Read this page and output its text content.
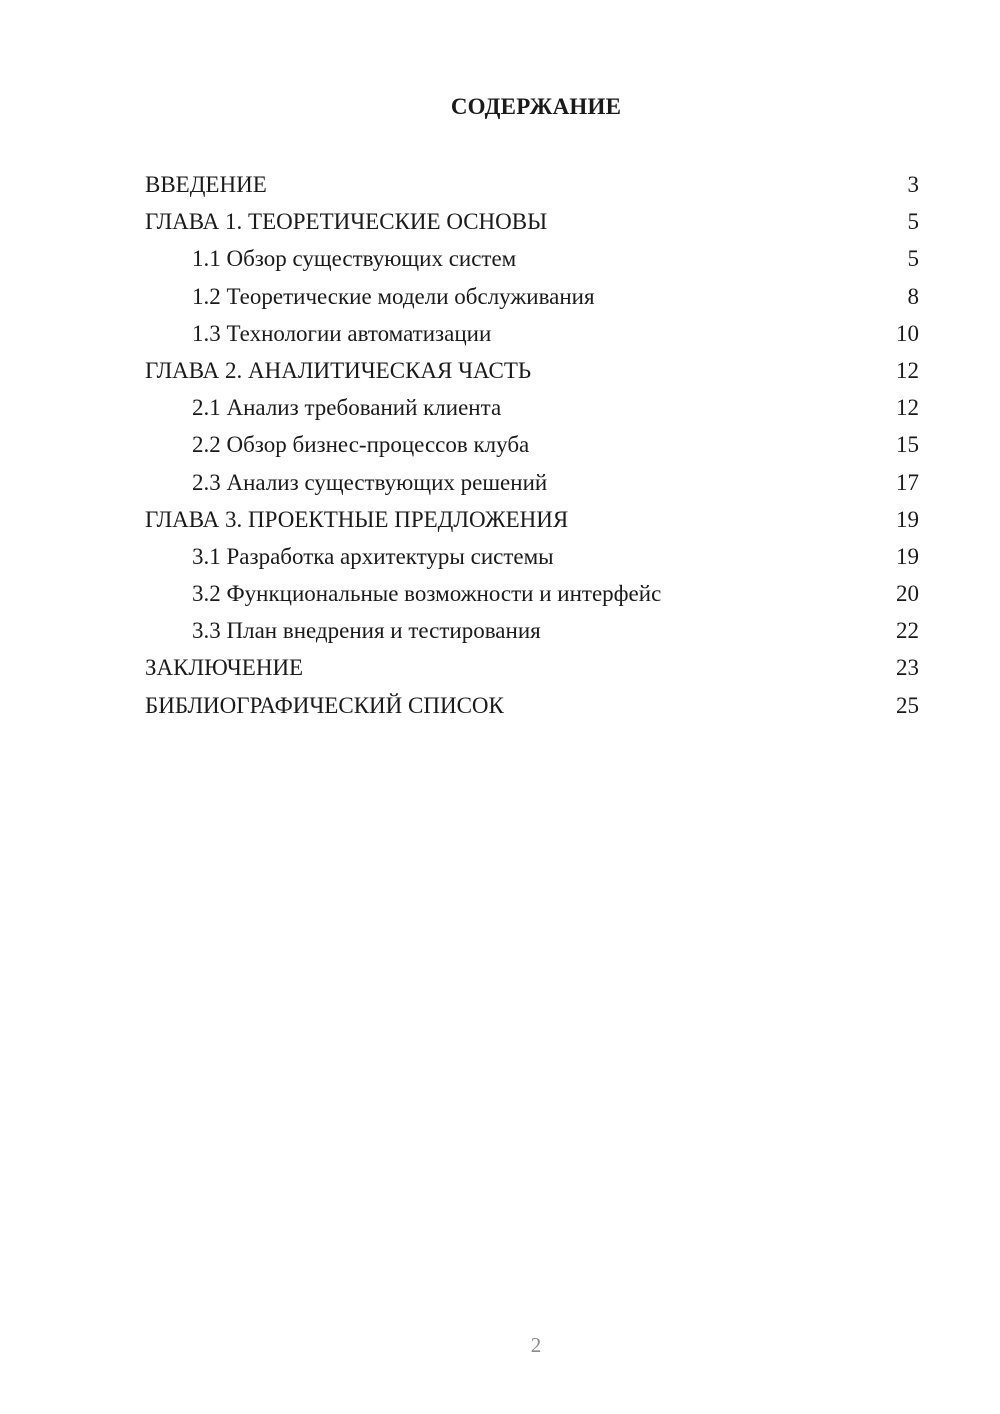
СОДЕРЖАНИЕ
ВВЕДЕНИЕ	3
ГЛАВА 1. ТЕОРЕТИЧЕСКИЕ ОСНОВЫ	5
1.1 Обзор существующих систем	5
1.2 Теоретические модели обслуживания	8
1.3 Технологии автоматизации	10
ГЛАВА 2. АНАЛИТИЧЕСКАЯ ЧАСТЬ	12
2.1 Анализ требований клиента	12
2.2 Обзор бизнес-процессов клуба	15
2.3 Анализ существующих решений	17
ГЛАВА 3. ПРОЕКТНЫЕ ПРЕДЛОЖЕНИЯ	19
3.1 Разработка архитектуры системы	19
3.2 Функциональные возможности и интерфейс	20
3.3 План внедрения и тестирования	22
ЗАКЛЮЧЕНИЕ	23
БИБЛИОГРАФИЧЕСКИЙ СПИСОК	25
2
